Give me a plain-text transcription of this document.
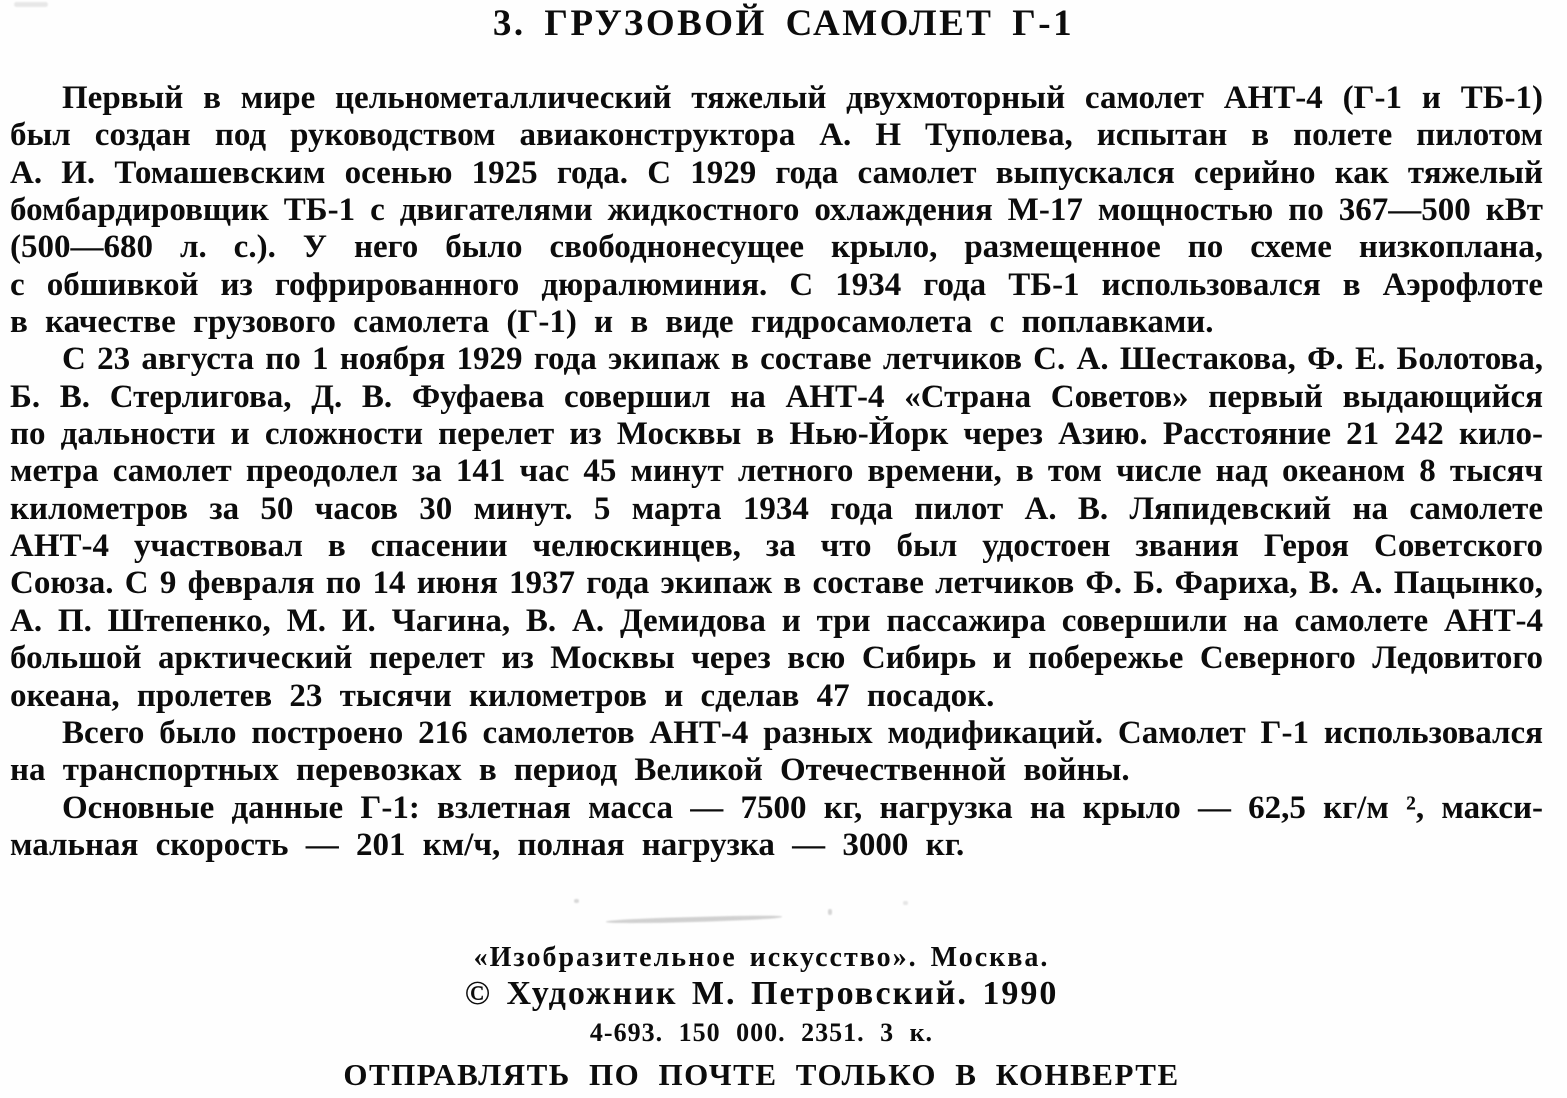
3. ГРУЗОВОЙ САМОЛЕТ Г-1
Первый в мире цельнометаллический тяжелый двухмоторный самолет АНТ-4 (Г-1 и ТБ-1)
был создан под руководством авиаконструктора А. Н Туполева, испытан в полете пилотом
А. И. Томашевским осенью 1925 года. С 1929 года самолет выпускался серийно как тяжелый
бомбардировщик ТБ-1 с двигателями жидкостного охлаждения М-17 мощностью по 367—500 кВт
(500—680 л. с.). У него было свободнонесущее крыло, размещенное по схеме низкоплана,
с обшивкой из гофрированного дюралюминия. С 1934 года ТБ-1 использовался в Аэрофлоте
в качестве грузового самолета (Г-1) и в виде гидросамолета с поплавками.
С 23 августа по 1 ноября 1929 года экипаж в составе летчиков С. А. Шестакова, Ф. Е. Болотова,
Б. В. Стерлигова, Д. В. Фуфаева совершил на АНТ-4 «Страна Советов» первый выдающийся
по дальности и сложности перелет из Москвы в Нью-Йорк через Азию. Расстояние 21 242 кило-
метра самолет преодолел за 141 час 45 минут летного времени, в том числе над океаном 8 тысяч
километров за 50 часов 30 минут. 5 марта 1934 года пилот А. В. Ляпидевский на самолете
АНТ-4 участвовал в спасении челюскинцев, за что был удостоен звания Героя Советского
Союза. С 9 февраля по 14 июня 1937 года экипаж в составе летчиков Ф. Б. Фариха, В. А. Пацынко,
А. П. Штепенко, М. И. Чагина, В. А. Демидова и три пассажира совершили на самолете АНТ-4
большой арктический перелет из Москвы через всю Сибирь и побережье Северного Ледовитого
океана, пролетев 23 тысячи километров и сделав 47 посадок.
Всего было построено 216 самолетов АНТ-4 разных модификаций. Самолет Г-1 использовался
на транспортных перевозках в период Великой Отечественной войны.
Основные данные Г-1: взлетная масса — 7500 кг, нагрузка на крыло — 62,5 кг/м ², макси-
мальная скорость — 201 км/ч, полная нагрузка — 3000 кг.
«Изобразительное искусство». Москва.
© Художник М. Петровский. 1990
4-693. 150 000. 2351. 3 к.
ОТПРАВЛЯТЬ ПО ПОЧТЕ ТОЛЬКО В КОНВЕРТЕ
